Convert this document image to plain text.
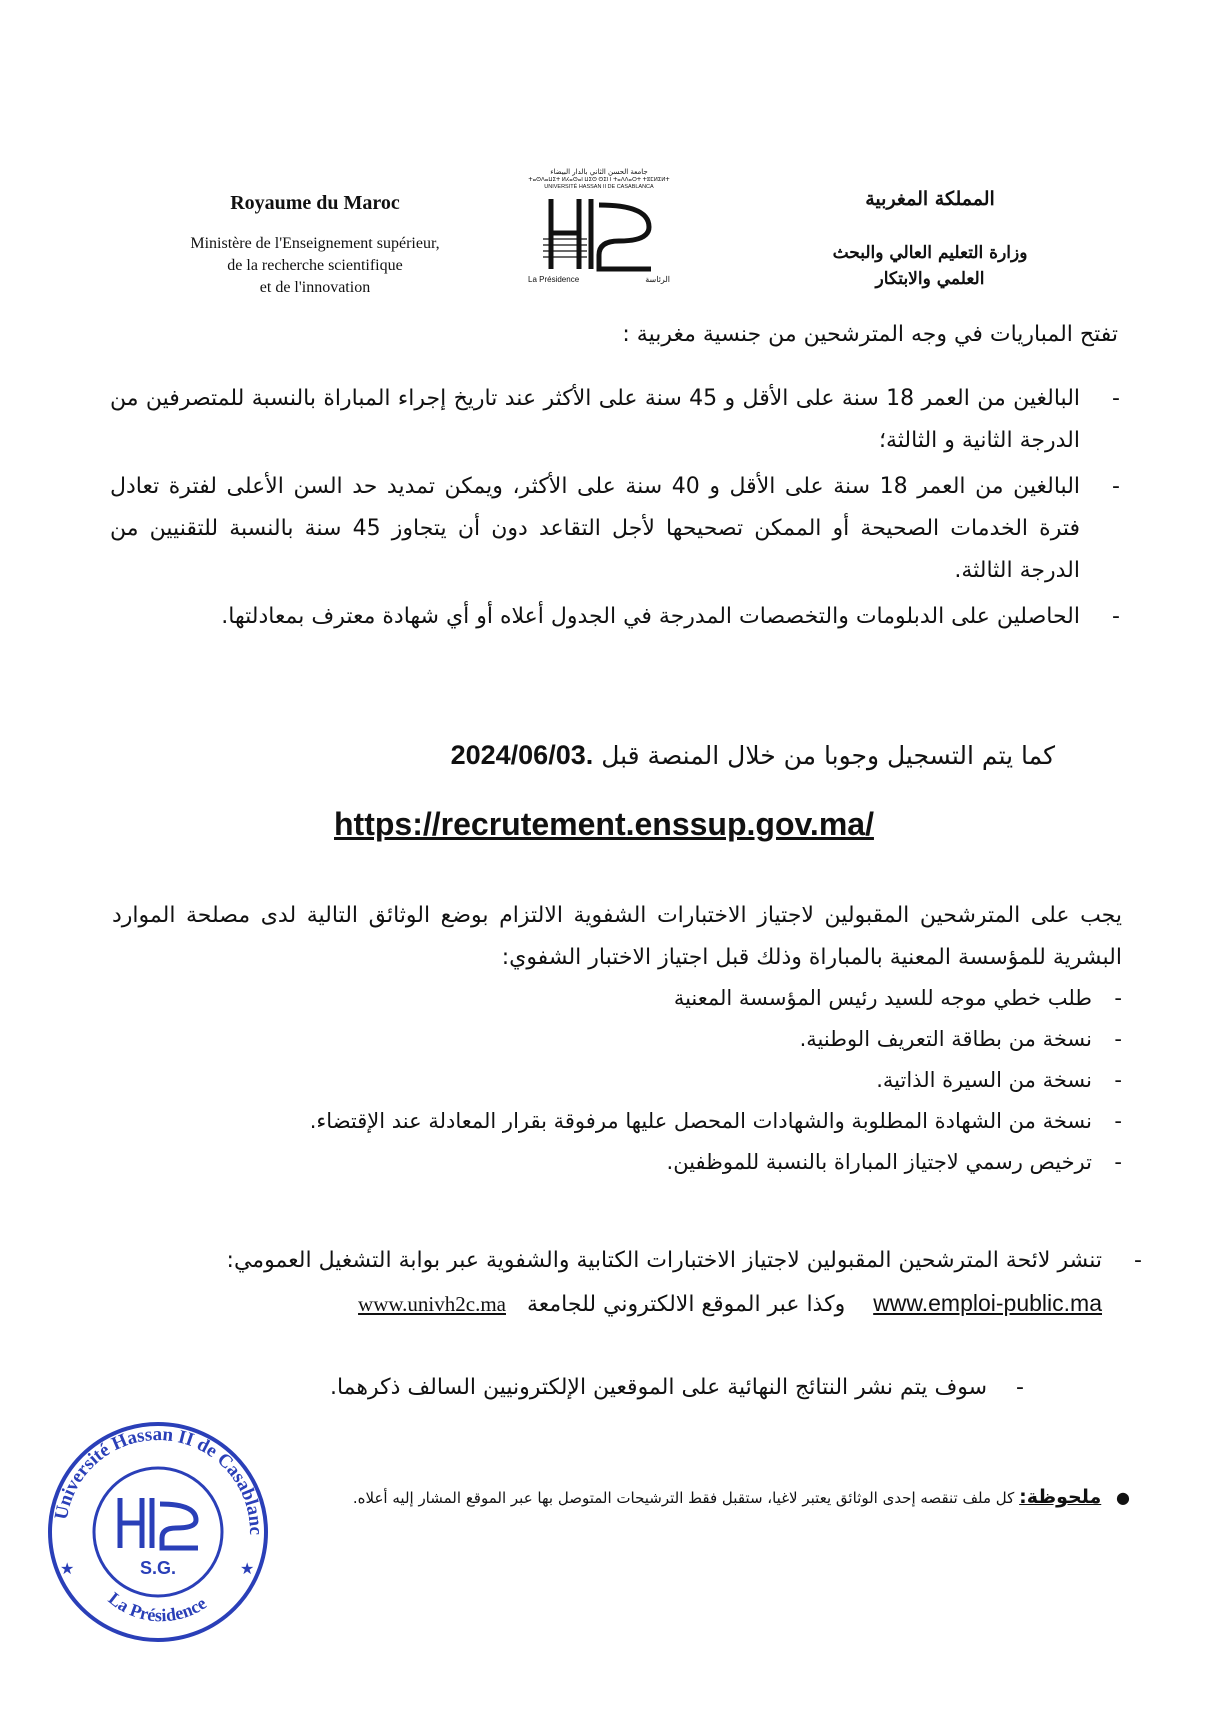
Royaume du Maroc
Ministère de l'Enseignement supérieur,
de la recherche scientifique
et de l'innovation
جامعة الحسن الثاني بالدار البيضاء
ⵜⴰⵙⴷⴰⵡⵉⵜ ⵍⵃⴰⵙⴰⵏ ⵡⵉⵙ ⵙⵉⵏ ⵏ ⵜⴰⴷⴷⴰⵔⵜ ⵜⵓⵎⵍⵉⵍⵜ
UNIVERSITÉ HASSAN II DE CASABLANCA
La Présidence	الرئاسة
المملكة المغربية
وزارة التعليم العالي والبحث
العلمي والابتكار
تفتح المباريات في وجه المترشحين من جنسية مغربية :
- البالغين من العمر 18 سنة على الأقل و 45 سنة على الأكثر عند تاريخ إجراء المباراة بالنسبة للمتصرفين من الدرجة الثانية و الثالثة؛
- البالغين من العمر 18 سنة على الأقل و 40 سنة على الأكثر، ويمكن تمديد حد السن الأعلى لفترة تعادل فترة الخدمات الصحيحة أو الممكن تصحيحها لأجل التقاعد دون أن يتجاوز 45 سنة بالنسبة للتقنيين من الدرجة الثالثة.
- الحاصلين على الدبلومات والتخصصات المدرجة في الجدول أعلاه أو أي شهادة معترف بمعادلتها.
كما يتم التسجيل وجوبا من خلال المنصة قبل 2024/06/03.
https://recrutement.enssup.gov.ma/
يجب على المترشحين المقبولين لاجتياز الاختبارات الشفوية الالتزام بوضع الوثائق التالية لدى مصلحة الموارد البشرية للمؤسسة المعنية بالمباراة وذلك قبل اجتياز الاختبار الشفوي:
- طلب خطي موجه للسيد رئيس المؤسسة المعنية
- نسخة من بطاقة التعريف الوطنية.
- نسخة من السيرة الذاتية.
- نسخة من الشهادة المطلوبة والشهادات المحصل عليها مرفوقة بقرار المعادلة عند الإقتضاء.
- ترخيص رسمي لاجتياز المباراة بالنسبة للموظفين.
-
تنشر لائحة المترشحين المقبولين لاجتياز الاختبارات الكتابية والشفوية عبر بوابة التشغيل العمومي:
www.emploi-public.ma    وكذا عبر الموقع الالكتروني للجامعة   www.univh2c.ma
- سوف يتم نشر النتائج النهائية على الموقعين الإلكترونيين السالف ذكرهما.
● ملحوظة: كل ملف تنقصه إحدى الوثائق يعتبر لاغيا، ستقبل فقط الترشيحات المتوصل بها عبر الموقع المشار إليه أعلاه.
Université Hassan II de Casablanc
La Présidence
★	★
S.G.
